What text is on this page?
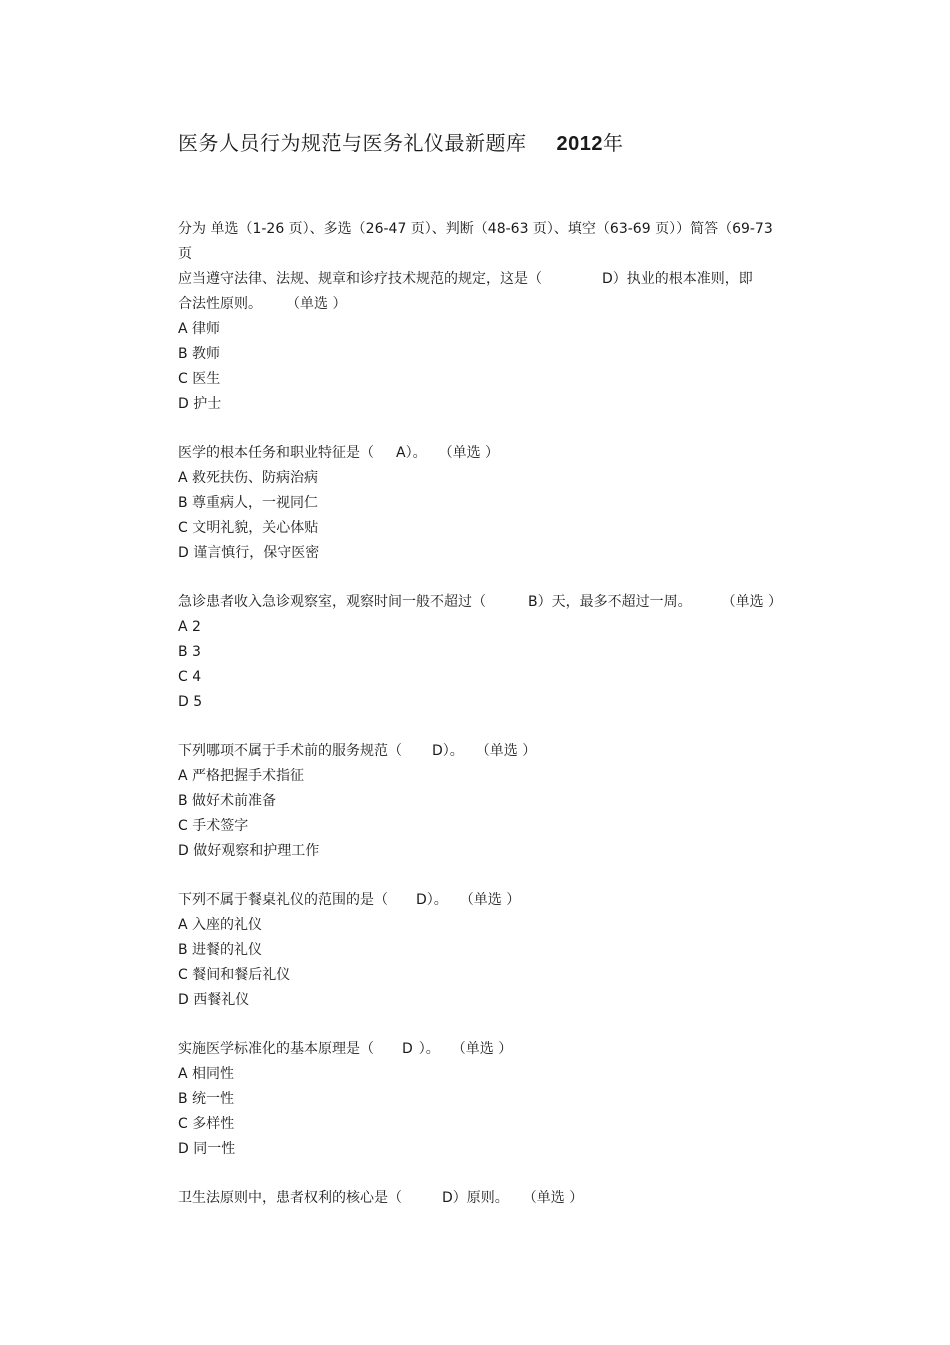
医务人员行为规范与医务礼仪最新题库 2012年
分为 单选（1-26 页）、多选（26-47 页）、判断（48-63 页）、填空（63-69 页））简答（69-73
页
应当遵守法律、法规、规章和诊疗技术规范的规定，这是（	D）执业的根本准则，即
合法性原则。 （单选 ）
A 律师
B 教师
C 医生
D 护士
医学的根本任务和职业特征是（ A）。 （单选 ）
A 救死扶伤、防病治病
B 尊重病人，一视同仁
C 文明礼貌，关心体贴
D 谨言慎行，保守医密
急诊患者收入急诊观察室，观察时间一般不超过（	B）天，最多不超过一周。 （单选 ）
A 2
B 3
C 4
D 5
下列哪项不属于手术前的服务规范（ D）。 （单选 ）
A 严格把握手术指征
B 做好术前准备
C 手术签字
D 做好观察和护理工作
下列不属于餐桌礼仪的范围的是（ D）。 （单选 ）
A 入座的礼仪
B 进餐的礼仪
C 餐间和餐后礼仪
D 西餐礼仪
实施医学标准化的基本原理是（ D ）。 （单选 ）
A 相同性
B 统一性
C 多样性
D 同一性
卫生法原则中，患者权利的核心是（	D）原则。 （单选 ）
